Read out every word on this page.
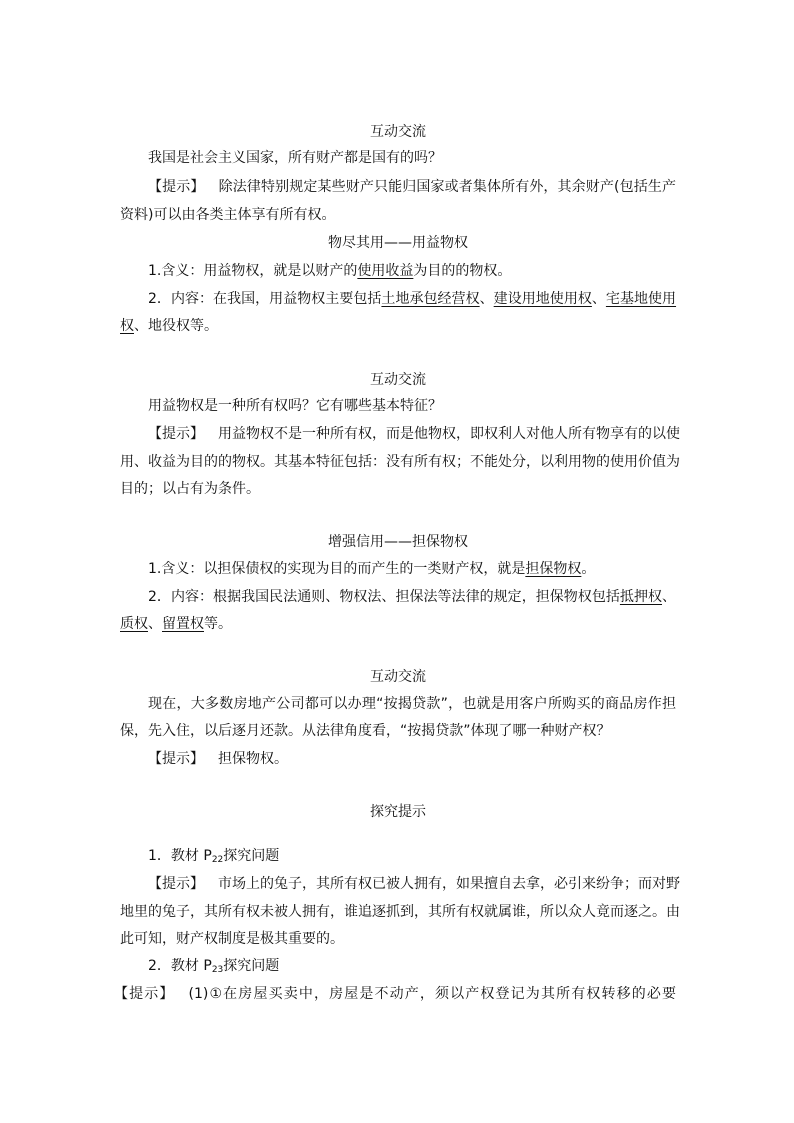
互动交流
我国是社会主义国家，所有财产都是国有的吗？
【提示】 除法律特别规定某些财产只能归国家或者集体所有外，其余财产(包括生产
资料)可以由各类主体享有所有权。
物尽其用——用益物权
1.含义：用益物权，就是以财产的使用收益为目的的物权。
2．内容：在我国，用益物权主要包括土地承包经营权、建设用地使用权、宅基地使用
权、地役权等。
互动交流
用益物权是一种所有权吗？它有哪些基本特征？
【提示】 用益物权不是一种所有权，而是他物权，即权利人对他人所有物享有的以使
用、收益为目的的物权。其基本特征包括：没有所有权；不能处分，以利用物的使用价值为
目的；以占有为条件。
增强信用——担保物权
1.含义：以担保债权的实现为目的而产生的一类财产权，就是担保物权。
2．内容：根据我国民法通则、物权法、担保法等法律的规定，担保物权包括抵押权、
质权、留置权等。
互动交流
现在，大多数房地产公司都可以办理“按揭贷款”，也就是用客户所购买的商品房作担
保，先入住，以后逐月还款。从法律角度看，“按揭贷款”体现了哪一种财产权？
【提示】 担保物权。
探究提示
1．教材 $P_{22}$探究问题
【提示】 市场上的兔子，其所有权已被人拥有，如果擅自去拿，必引来纷争；而对野
地里的兔子，其所有权未被人拥有，谁追逐抓到，其所有权就属谁，所以众人竟而逐之。由
此可知，财产权制度是极其重要的。
2．教材 $P_{23}$探究问题
【提示】 (1)①在房屋买卖中，房屋是不动产，须以产权登记为其所有权转移的必要
